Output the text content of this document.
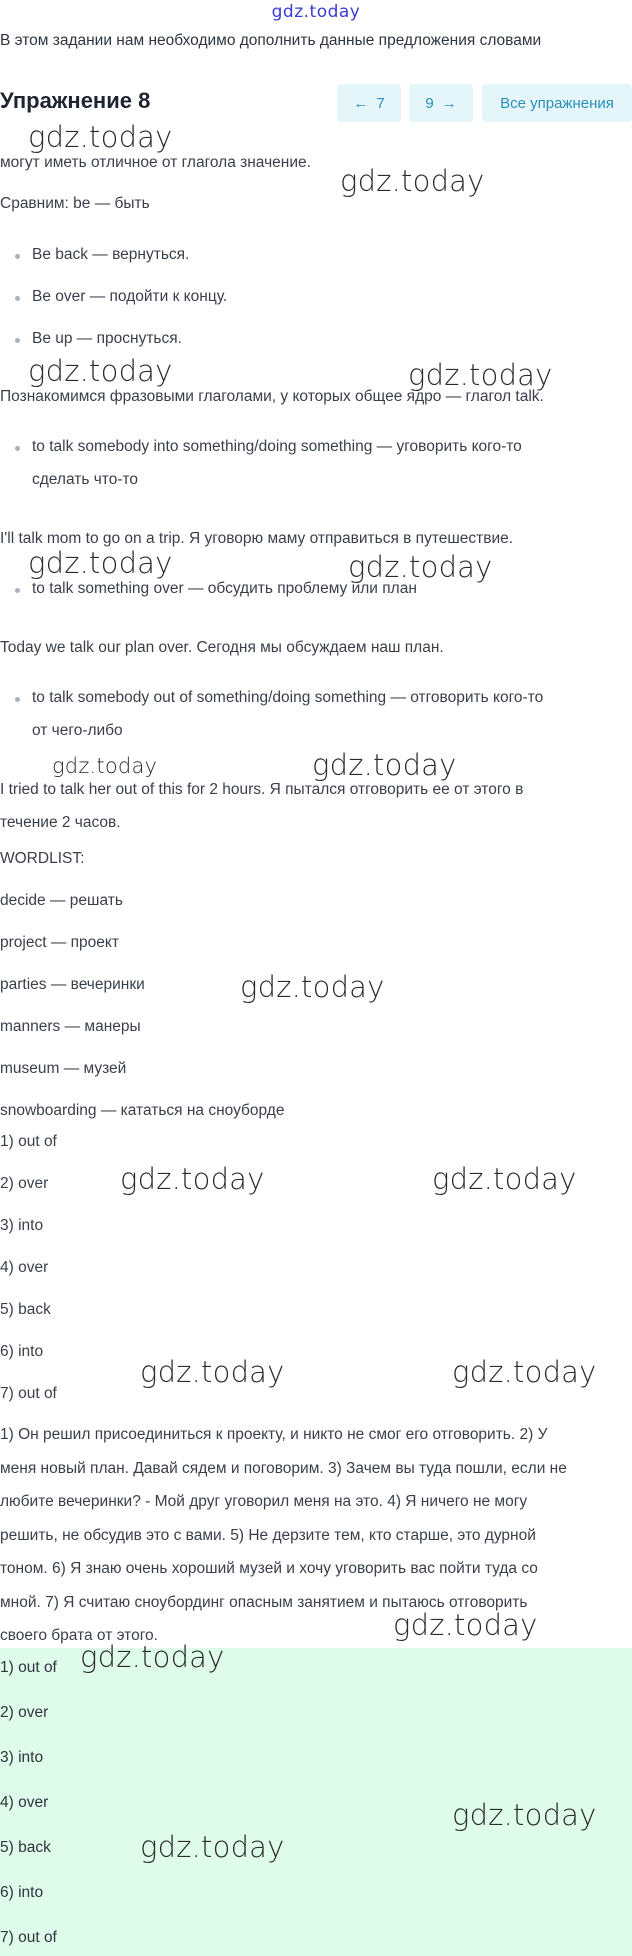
gdz.today
В этом задании нам необходимо дополнить данные предложения словами
Упражнение 8	← 7	9 →	Все упражнения
могут иметь отличное от глагола значение.
Сравним: be — быть
Be back — вернуться.
Be over — подойти к концу.
Be up — проснуться.
Познакомимся фразовыми глаголами, у которых общее ядро — глагол talk.
to talk somebody into something/doing something — уговорить кого-то
сделать что-то
I'll talk mom to go on a trip. Я уговорю маму отправиться в путешествие.
to talk something over — обсудить проблему или план
Today we talk our plan over. Сегодня мы обсуждаем наш план.
to talk somebody out of something/doing something — отговорить кого-то
от чего-либо
I tried to talk her out of this for 2 hours. Я пытался отговорить ее от этого в
течение 2 часов.
WORDLIST:
decide — решать
project — проект
parties — вечеринки
manners — манеры
museum — музей
snowboarding — кататься на сноуборде
1) out of
2) over
3) into
4) over
5) back
6) into
7) out of
1) Он решил присоединиться к проекту, и никто не смог его отговорить. 2) У
меня новый план. Давай сядем и поговорим. 3) Зачем вы туда пошли, если не
любите вечеринки? - Мой друг уговорил меня на это. 4) Я ничего не могу
решить, не обсудив это с вами. 5) Не дерзите тем, кто старше, это дурной
тоном. 6) Я знаю очень хороший музей и хочу уговорить вас пойти туда со
мной. 7) Я считаю сноубординг опасным занятием и пытаюсь отговорить
своего брата от этого.
1) out of
2) over
3) into
4) over
5) back
6) into
7) out of
gdz.today
gdz.today
gdz.today	gdz.today
gdz.today	gdz.today
gdz.today	gdz.today
gdz.today
gdz.today	gdz.today
gdz.today	gdz.today
gdz.today
gdz.today
gdz.today
gdz.today
